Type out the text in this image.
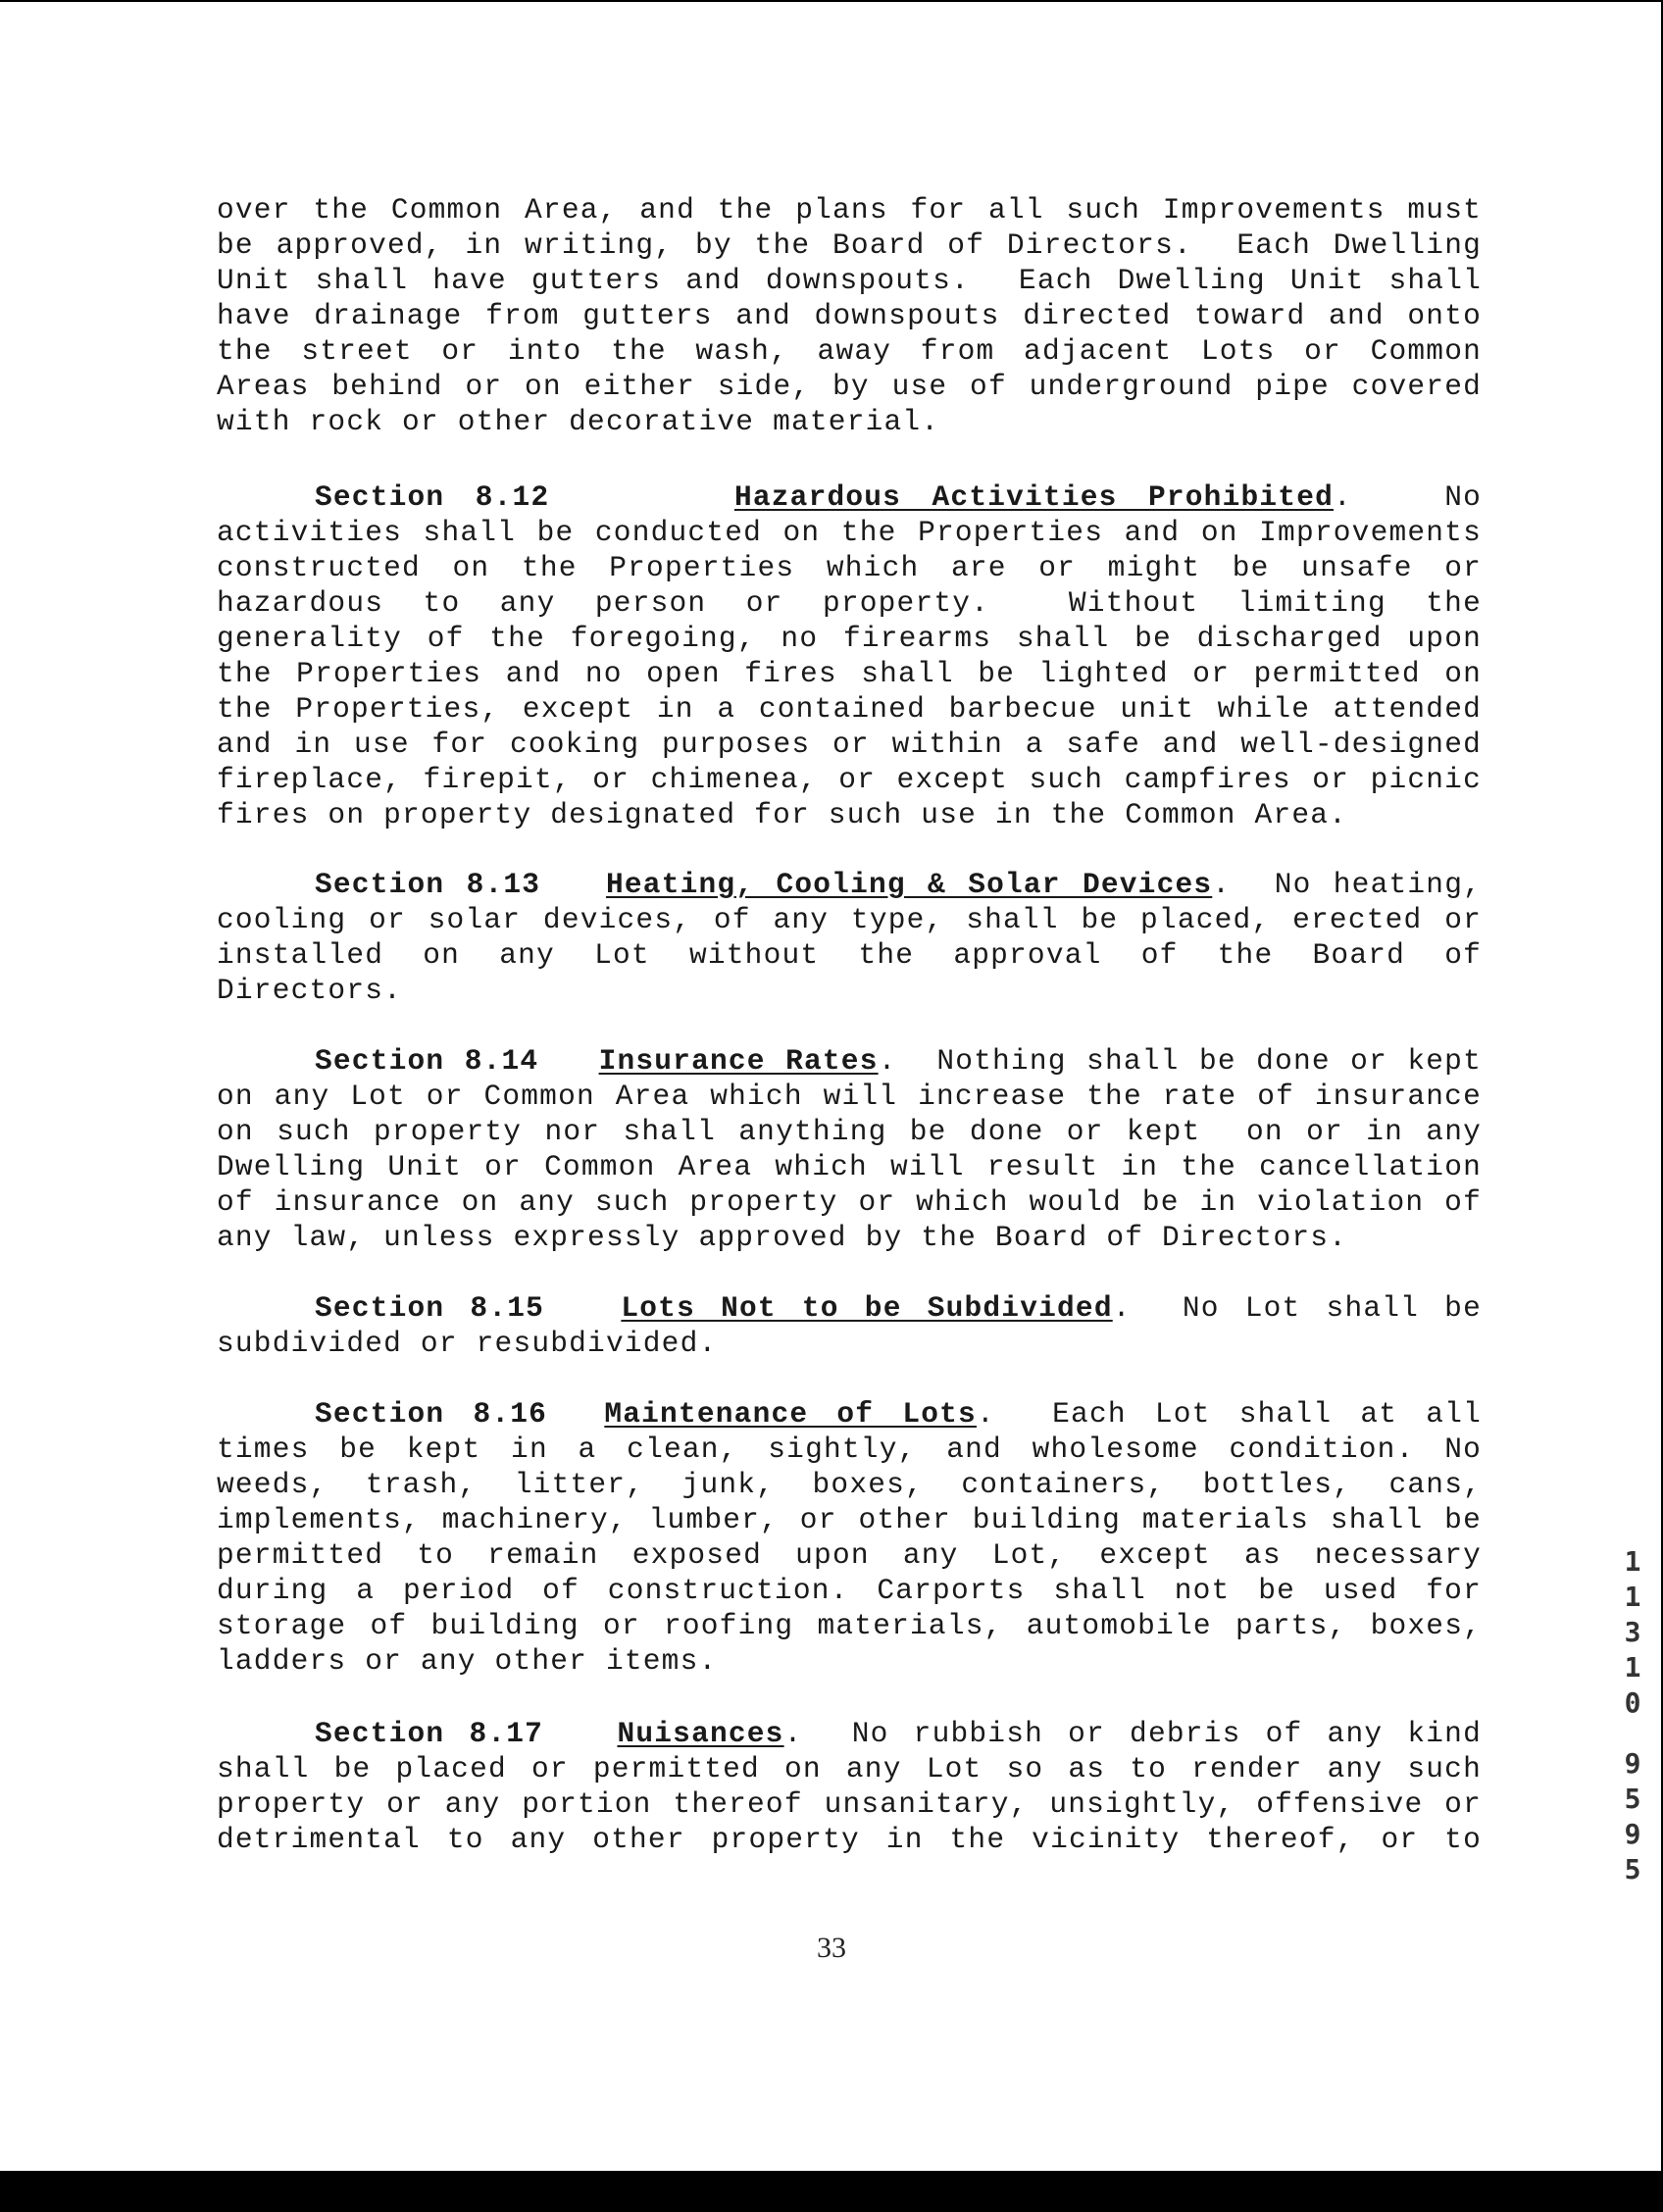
over the Common Area, and the plans for all such Improvements must
be approved, in writing, by the Board of Directors.  Each Dwelling
Unit shall have gutters and downspouts.  Each Dwelling Unit shall
have drainage from gutters and downspouts directed toward and onto
the street or into the wash, away from adjacent Lots or Common
Areas behind or on either side, by use of underground pipe covered
with rock or other decorative material.
Section 8.12	Hazardous Activities Prohibited.   No
activities shall be conducted on the Properties and on Improvements
constructed on the Properties which are or might be unsafe or
hazardous to any person or property.  Without limiting the
generality of the foregoing, no firearms shall be discharged upon
the Properties and no open fires shall be lighted or permitted on
the Properties, except in a contained barbecue unit while attended
and in use for cooking purposes or within a safe and well-designed
fireplace, firepit, or chimenea, or except such campfires or picnic
fires on property designated for such use in the Common Area.
Section 8.13 Heating, Cooling & Solar Devices.  No heating,
cooling or solar devices, of any type, shall be placed, erected or
installed on any Lot without the approval of the Board of
Directors.
Section 8.14 Insurance Rates.  Nothing shall be done or kept
on any Lot or Common Area which will increase the rate of insurance
on such property nor shall anything be done or kept  on or in any
Dwelling Unit or Common Area which will result in the cancellation
of insurance on any such property or which would be in violation of
any law, unless expressly approved by the Board of Directors.
Section 8.15	Lots Not to be Subdivided.  No Lot shall be
subdivided or resubdivided.
Section 8.16 Maintenance of Lots.  Each Lot shall at all
times be kept in a clean, sightly, and wholesome condition. No
weeds, trash, litter, junk, boxes, containers, bottles, cans,
implements, machinery, lumber, or other building materials shall be
permitted to remain exposed upon any Lot, except as necessary
during a period of construction. Carports shall not be used for
storage of building or roofing materials, automobile parts, boxes,
ladders or any other items.
Section 8.17	Nuisances.  No rubbish or debris of any kind
shall be placed or permitted on any Lot so as to render any such
property or any portion thereof unsanitary, unsightly, offensive or
detrimental to any other property in the vicinity thereof, or to
33
1
1
3
1
0
9
5
9
5
